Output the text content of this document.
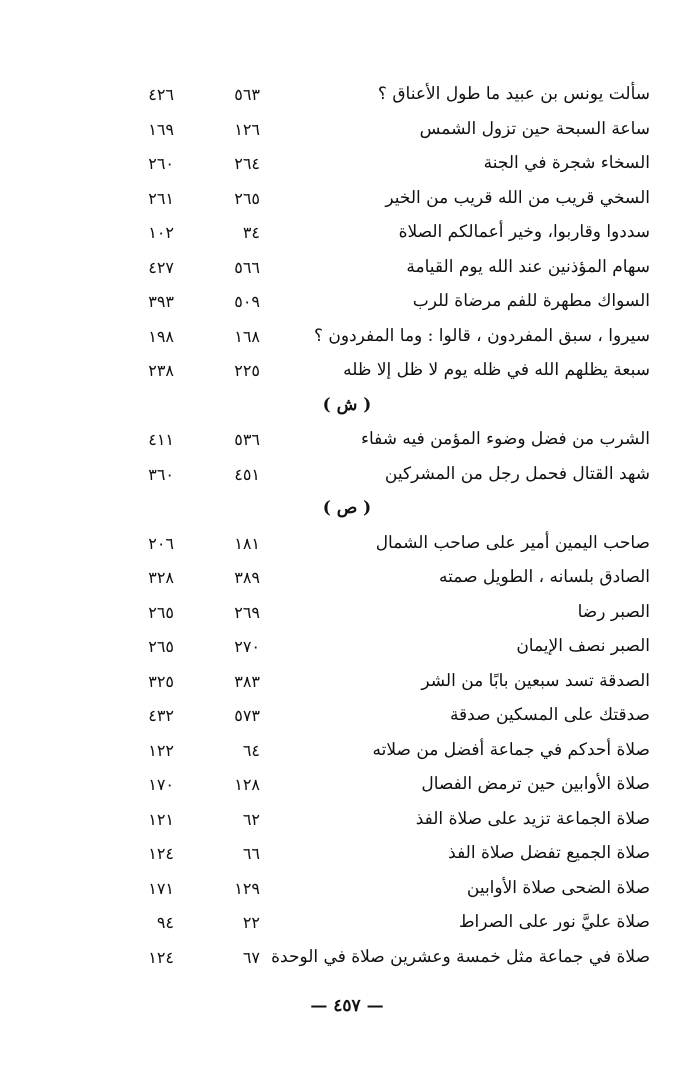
سألت يونس بن عبيد ما طول الأعناق ؟
٥٦٣
٤٢٦
ساعة السبحة حين تزول الشمس
١٢٦
١٦٩
السخاء شجرة في الجنة
٢٦٤
٢٦٠
السخي قريب من الله قريب من الخير
٢٦٥
٢٦١
سددوا وقاربوا، وخير أعمالكم الصلاة
٣٤
١٠٢
سهام المؤذنين عند الله يوم القيامة
٥٦٦
٤٢٧
السواك مطهرة للفم مرضاة للرب
٥٠٩
٣٩٣
سيروا ، سبق المفردون ، قالوا : وما المفردون ؟
١٦٨
١٩٨
سبعة يظلهم الله في ظله يوم لا ظل إلا ظله
٢٢٥
٢٣٨
( ش )
الشرب من فضل وضوء المؤمن فيه شفاء
٥٣٦
٤١١
شهد القتال فحمل رجل من المشركين
٤٥١
٣٦٠
( ص )
صاحب اليمين أمير على صاحب الشمال
١٨١
٢٠٦
الصادق بلسانه ، الطويل صمته
٣٨٩
٣٢٨
الصبر رضا
٢٦٩
٢٦٥
الصبر نصف الإيمان
٢٧٠
٢٦٥
الصدقة تسد سبعين بابًا من الشر
٣٨٣
٣٢٥
صدقتك على المسكين صدقة
٥٧٣
٤٣٢
صلاة أحدكم في جماعة أفضل من صلاته
٦٤
١٢٢
صلاة الأوابين حين ترمض الفصال
١٢٨
١٧٠
صلاة الجماعة تزيد على صلاة الفذ
٦٢
١٢١
صلاة الجميع تفضل صلاة الفذ
٦٦
١٢٤
صلاة الضحى صلاة الأوابين
١٢٩
١٧١
صلاة عليَّ نور على الصراط
٢٢
٩٤
صلاة في جماعة مثل خمسة وعشرين صلاة في الوحدة
٦٧
١٢٤
— ٤٥٧ —
